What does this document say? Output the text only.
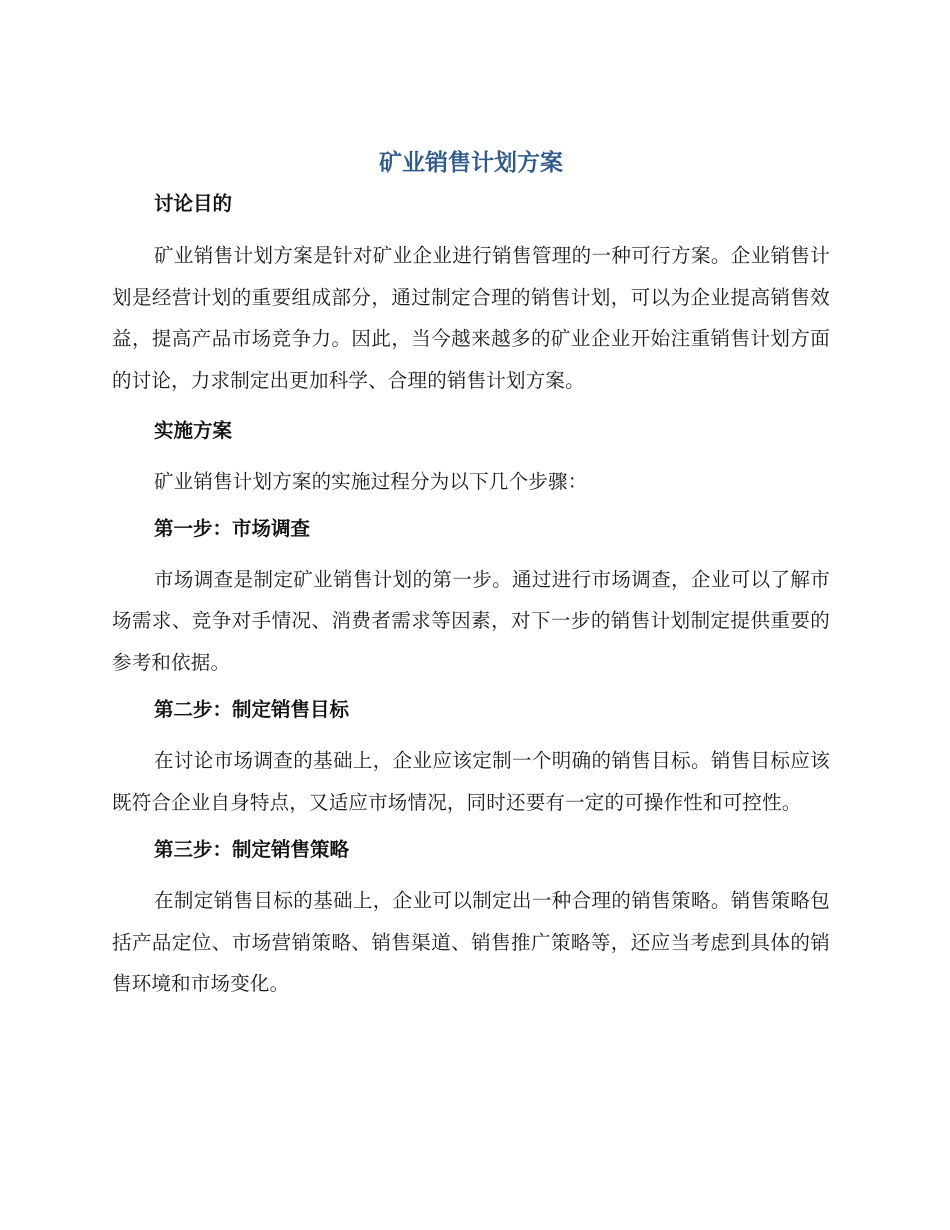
矿业销售计划方案
讨论目的

矿业销售计划方案是针对矿业企业进行销售管理的一种可行方案。企业销售计划是经营计划的重要组成部分，通过制定合理的销售计划，可以为企业提高销售效益，提高产品市场竞争力。因此，当今越来越多的矿业企业开始注重销售计划方面的讨论，力求制定出更加科学、合理的销售计划方案。

实施方案

矿业销售计划方案的实施过程分为以下几个步骤：

第一步：市场调查

市场调查是制定矿业销售计划的第一步。通过进行市场调查，企业可以了解市场需求、竞争对手情况、消费者需求等因素，对下一步的销售计划制定提供重要的参考和依据。

第二步：制定销售目标

在讨论市场调查的基础上，企业应该定制一个明确的销售目标。销售目标应该既符合企业自身特点，又适应市场情况，同时还要有一定的可操作性和可控性。

第三步：制定销售策略

在制定销售目标的基础上，企业可以制定出一种合理的销售策略。销售策略包括产品定位、市场营销策略、销售渠道、销售推广策略等，还应当考虑到具体的销售环境和市场变化。
